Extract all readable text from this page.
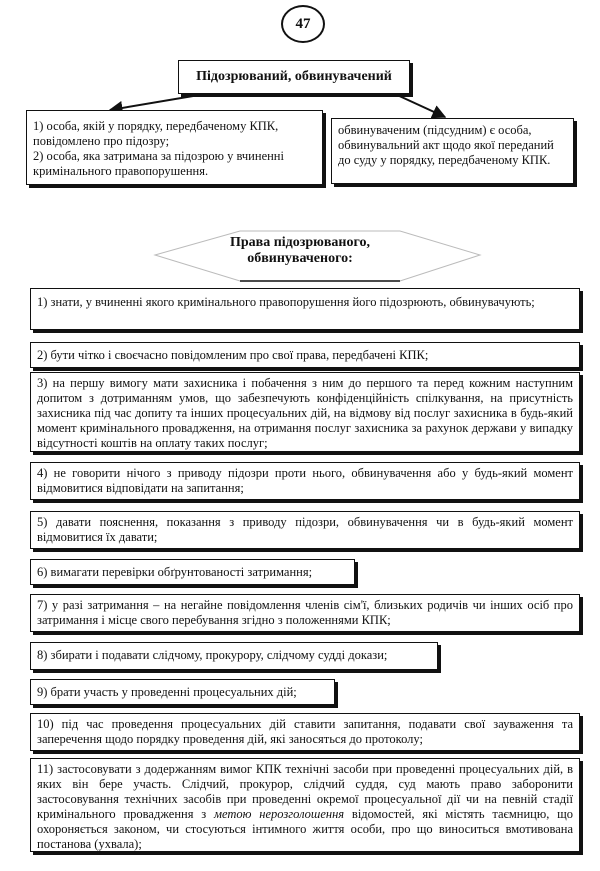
47
Підозрюваний, обвинувачений
1) особа, якій у порядку, передбаченому КПК, повідомлено про підозру;
2) особа, яка затримана за підозрою у вчиненні кримінального правопорушення.
обвинуваченим (підсудним) є особа, обвинувальний акт щодо якої переданий до суду у порядку, передбаченому КПК.
Права підозрюваного,
обвинуваченого:
1) знати, у вчиненні якого кримінального правопорушення його підозрюють, обвинувачують;
2) бути чітко і своєчасно повідомленим про свої права, передбачені КПК;
3) на першу вимогу мати захисника і побачення з ним до першого та перед кожним наступним допитом з дотриманням умов, що забезпечують конфіденційність спілкування, на присутність захисника під час допиту та інших процесуальних дій, на відмову від послуг захисника в будь-який момент кримінального провадження, на отримання послуг захисника за рахунок держави у випадку відсутності коштів на оплату таких послуг;
4) не говорити нічого з приводу підозри проти нього, обвинувачення або у будь-який момент відмовитися відповідати на запитання;
5) давати пояснення, показання з приводу підозри, обвинувачення чи в будь-який момент відмовитися їх давати;
6) вимагати перевірки обґрунтованості затримання;
7) у разі затримання – на негайне повідомлення членів сім'ї, близьких родичів чи інших осіб про затримання і місце свого перебування згідно з положеннями КПК;
8) збирати і подавати слідчому, прокурору, слідчому судді докази;
9) брати участь у проведенні процесуальних дій;
10) під час проведення процесуальних дій ставити запитання, подавати свої зауваження та заперечення щодо порядку проведення дій, які заносяться до протоколу;
11) застосовувати з додержанням вимог КПК технічні засоби при проведенні процесуальних дій, в яких він бере участь. Слідчий, прокурор, слідчий суддя, суд мають право заборонити застосовування технічних засобів при проведенні окремої процесуальної дії чи на певній стадії кримінального провадження з метою нерозголошення відомостей, які містять таємницю, що охороняється законом, чи стосуються інтимного життя особи, про що виноситься вмотивована постанова (ухвала);
